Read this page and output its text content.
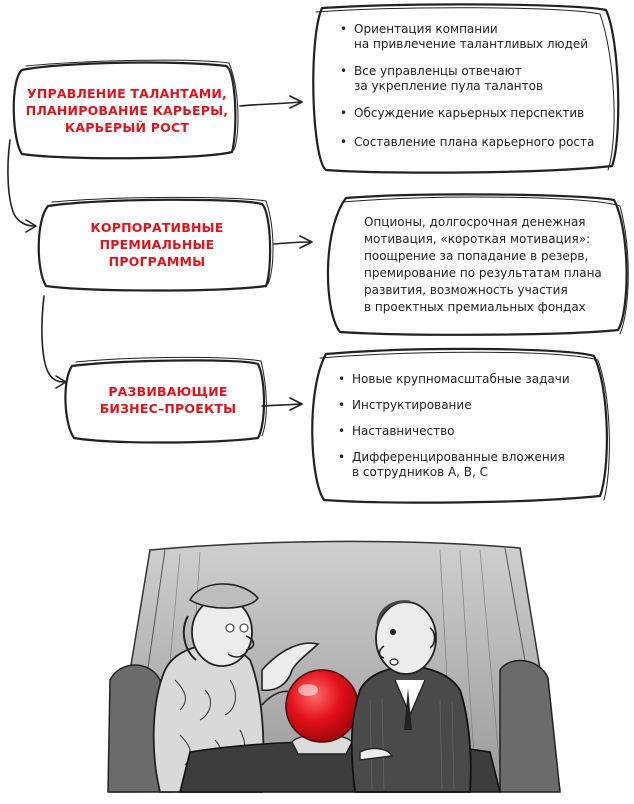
УПРАВЛЕНИЕ ТАЛАНТАМИ,
ПЛАНИРОВАНИЕ КАРЬЕРЫ,
КАРЬЕРЫЙ РОСТ
КОРПОРАТИВНЫЕ
ПРЕМИАЛЬНЫЕ
ПРОГРАММЫ
РАЗВИВАЮЩИЕ
БИЗНЕС–ПРОЕКТЫ
• Ориентация компании
на привлечение талантливых людей
• Все управленцы отвечают
за укрепление пула талантов
• Обсуждение карьерных перспектив
• Составление плана карьерного роста
Опционы, долгосрочная денежная
мотивация, «короткая мотивация»:
поощрение за попадание в резерв,
премирование по результатам плана
развития, возможность участия
в проектных премиальных фондах
• Новые крупномасштабные задачи
• Инструктирование
• Наставничество
• Дифференцированные вложения
в сотрудников А, В, С
